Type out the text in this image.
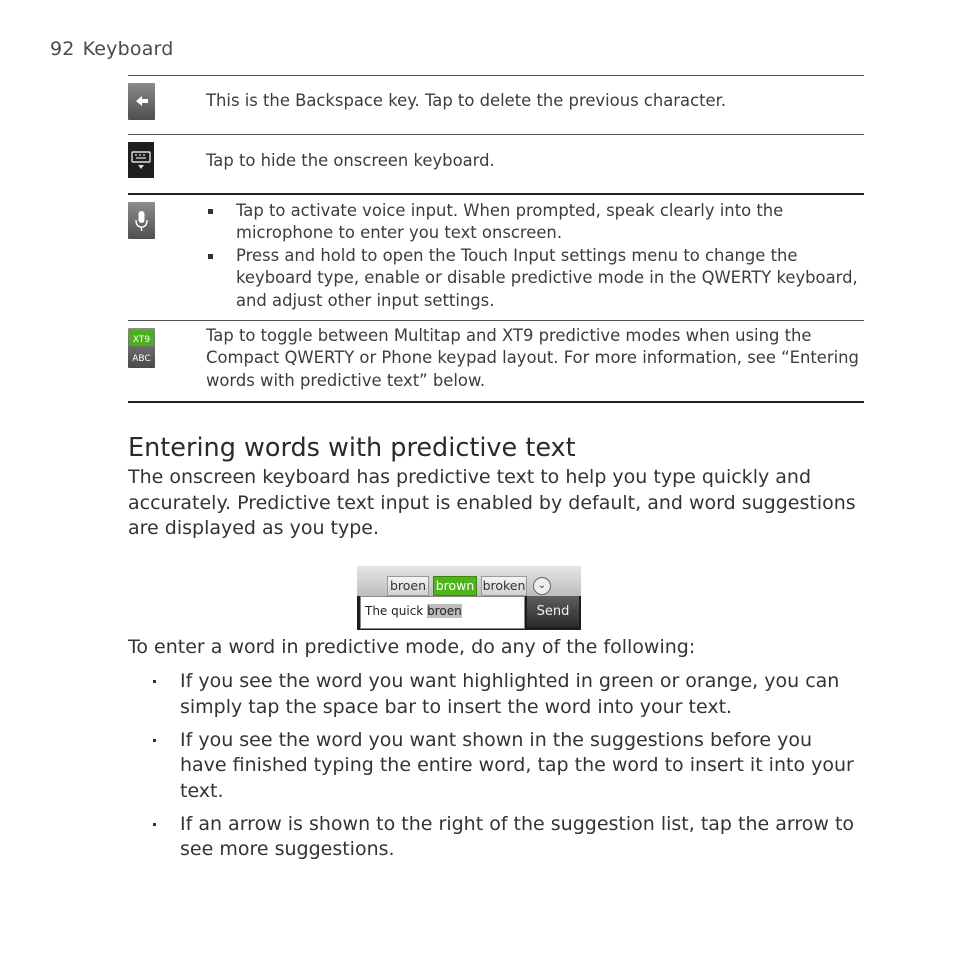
92 Keyboard
This is the Backspace key. Tap to delete the previous character.
Tap to hide the onscreen keyboard.
Tap to activate voice input. When prompted, speak clearly into the microphone to enter you text onscreen.
Press and hold to open the Touch Input settings menu to change the keyboard type, enable or disable predictive mode in the QWERTY keyboard, and adjust other input settings.
XT9
ABC
Tap to toggle between Multitap and XT9 predictive modes when using the Compact QWERTY or Phone keypad layout. For more information, see “Entering words with predictive text” below.
Entering words with predictive text
The onscreen keyboard has predictive text to help you type quickly and accurately. Predictive text input is enabled by default, and word suggestions are displayed as you type.
broen brown broken	⌄
The quick broen	Send
To enter a word in predictive mode, do any of the following:
If you see the word you want highlighted in green or orange, you can simply tap the space bar to insert the word into your text.
If you see the word you want shown in the suggestions before you have finished typing the entire word, tap the word to insert it into your text.
If an arrow is shown to the right of the suggestion list, tap the arrow to see more suggestions.
